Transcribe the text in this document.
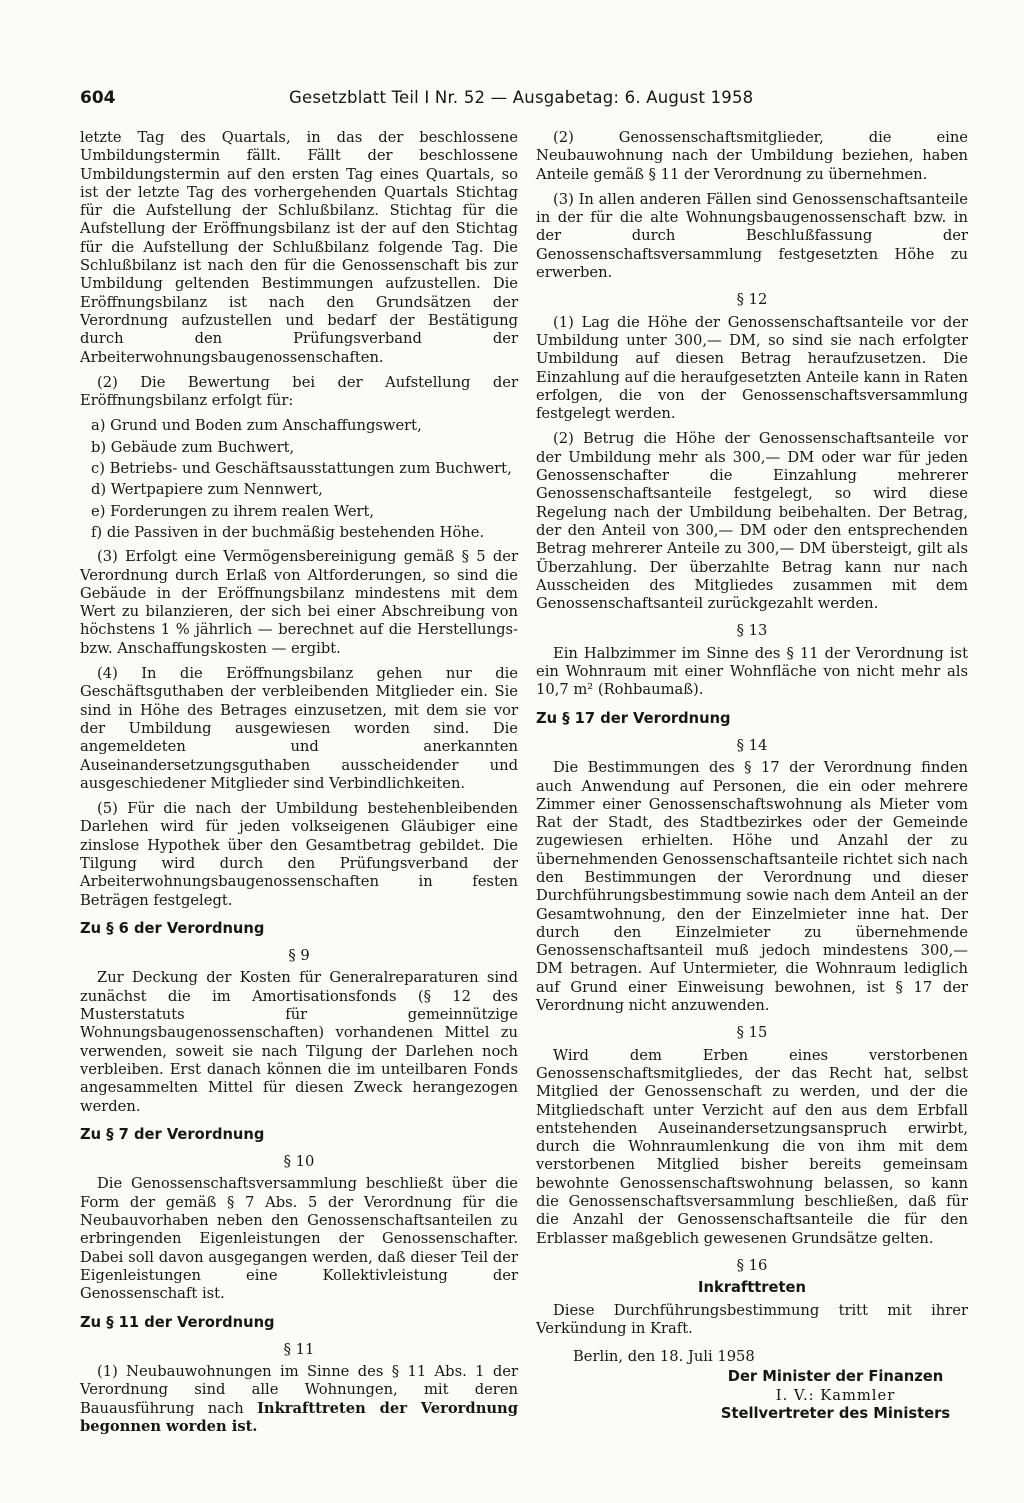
604	Gesetzblatt Teil I Nr. 52 — Ausgabetag: 6. August 1958

letzte Tag des Quartals, in das der beschlossene Umbildungstermin fällt. Fällt der beschlossene Umbildungstermin auf den ersten Tag eines Quartals, so ist der letzte Tag des vorhergehenden Quartals Stichtag für die Aufstellung der Schlußbilanz. Stichtag für die Aufstellung der Eröffnungsbilanz ist der auf den Stichtag für die Aufstellung der Schlußbilanz folgende Tag. Die Schlußbilanz ist nach den für die Genossenschaft bis zur Umbildung geltenden Bestimmungen aufzustellen. Die Eröffnungsbilanz ist nach den Grundsätzen der Verordnung aufzustellen und bedarf der Bestätigung durch den Prüfungsverband der Arbeiterwohnungsbaugenossenschaften.

(2) Die Bewertung bei der Aufstellung der Eröffnungsbilanz erfolgt für:

a) Grund und Boden zum Anschaffungswert,
b) Gebäude zum Buchwert,
c) Betriebs- und Geschäftsausstattungen zum Buchwert,
d) Wertpapiere zum Nennwert,
e) Forderungen zu ihrem realen Wert,
f) die Passiven in der buchmäßig bestehenden Höhe.

(3) Erfolgt eine Vermögensbereinigung gemäß § 5 der Verordnung durch Erlaß von Altforderungen, so sind die Gebäude in der Eröffnungsbilanz mindestens mit dem Wert zu bilanzieren, der sich bei einer Abschreibung von höchstens 1 % jährlich — berechnet auf die Herstellungs- bzw. Anschaffungskosten — ergibt.

(4) In die Eröffnungsbilanz gehen nur die Geschäftsguthaben der verbleibenden Mitglieder ein. Sie sind in Höhe des Betrages einzusetzen, mit dem sie vor der Umbildung ausgewiesen worden sind. Die angemeldeten und anerkannten Auseinandersetzungsguthaben ausscheidender und ausgeschiedener Mitglieder sind Verbindlichkeiten.

(5) Für die nach der Umbildung bestehenbleibenden Darlehen wird für jeden volkseigenen Gläubiger eine zinslose Hypothek über den Gesamtbetrag gebildet. Die Tilgung wird durch den Prüfungsverband der Arbeiterwohnungsbaugenossenschaften in festen Beträgen festgelegt.

Zu § 6 der Verordnung

§ 9

Zur Deckung der Kosten für Generalreparaturen sind zunächst die im Amortisationsfonds (§ 12 des Musterstatuts für gemeinnützige Wohnungsbaugenossenschaften) vorhandenen Mittel zu verwenden, soweit sie nach Tilgung der Darlehen noch verbleiben. Erst danach können die im unteilbaren Fonds angesammelten Mittel für diesen Zweck herangezogen werden.

Zu § 7 der Verordnung

§ 10

Die Genossenschaftsversammlung beschließt über die Form der gemäß § 7 Abs. 5 der Verordnung für die Neubauvorhaben neben den Genossenschaftsanteilen zu erbringenden Eigenleistungen der Genossenschafter. Dabei soll davon ausgegangen werden, daß dieser Teil der Eigenleistungen eine Kollektivleistung der Genossenschaft ist.

Zu § 11 der Verordnung

§ 11

(1) Neubauwohnungen im Sinne des § 11 Abs. 1 der Verordnung sind alle Wohnungen, mit deren Bauausführung nach Inkrafttreten der Verordnung begonnen worden ist.

(2) Genossenschaftsmitglieder, die eine Neubauwohnung nach der Umbildung beziehen, haben Anteile gemäß § 11 der Verordnung zu übernehmen.

(3) In allen anderen Fällen sind Genossenschaftsanteile in der für die alte Wohnungsbaugenossenschaft bzw. in der durch Beschlußfassung der Genossenschaftsversammlung festgesetzten Höhe zu erwerben.

§ 12

(1) Lag die Höhe der Genossenschaftsanteile vor der Umbildung unter 300,— DM, so sind sie nach erfolgter Umbildung auf diesen Betrag heraufzusetzen. Die Einzahlung auf die heraufgesetzten Anteile kann in Raten erfolgen, die von der Genossenschaftsversammlung festgelegt werden.

(2) Betrug die Höhe der Genossenschaftsanteile vor der Umbildung mehr als 300,— DM oder war für jeden Genossenschafter die Einzahlung mehrerer Genossenschaftsanteile festgelegt, so wird diese Regelung nach der Umbildung beibehalten. Der Betrag, der den Anteil von 300,— DM oder den entsprechenden Betrag mehrerer Anteile zu 300,— DM übersteigt, gilt als Überzahlung. Der überzahlte Betrag kann nur nach Ausscheiden des Mitgliedes zusammen mit dem Genossenschaftsanteil zurückgezahlt werden.

§ 13

Ein Halbzimmer im Sinne des § 11 der Verordnung ist ein Wohnraum mit einer Wohnfläche von nicht mehr als 10,7 m² (Rohbaumaß).

Zu § 17 der Verordnung

§ 14

Die Bestimmungen des § 17 der Verordnung finden auch Anwendung auf Personen, die ein oder mehrere Zimmer einer Genossenschaftswohnung als Mieter vom Rat der Stadt, des Stadtbezirkes oder der Gemeinde zugewiesen erhielten. Höhe und Anzahl der zu übernehmenden Genossenschaftsanteile richtet sich nach den Bestimmungen der Verordnung und dieser Durchführungsbestimmung sowie nach dem Anteil an der Gesamtwohnung, den der Einzelmieter inne hat. Der durch den Einzelmieter zu übernehmende Genossenschaftsanteil muß jedoch mindestens 300,— DM betragen. Auf Untermieter, die Wohnraum lediglich auf Grund einer Einweisung bewohnen, ist § 17 der Verordnung nicht anzuwenden.

§ 15

Wird dem Erben eines verstorbenen Genossenschaftsmitgliedes, der das Recht hat, selbst Mitglied der Genossenschaft zu werden, und der die Mitgliedschaft unter Verzicht auf den aus dem Erbfall entstehenden Auseinandersetzungsanspruch erwirbt, durch die Wohnraumlenkung die von ihm mit dem verstorbenen Mitglied bisher bereits gemeinsam bewohnte Genossenschaftswohnung belassen, so kann die Genossenschaftsversammlung beschließen, daß für die Anzahl der Genossenschaftsanteile die für den Erblasser maßgeblich gewesenen Grundsätze gelten.

§ 16

Inkrafttreten

Diese Durchführungsbestimmung tritt mit ihrer Verkündung in Kraft.

Berlin, den 18. Juli 1958

Der Minister der Finanzen

I. V.: Kammler

Stellvertreter des Ministers
